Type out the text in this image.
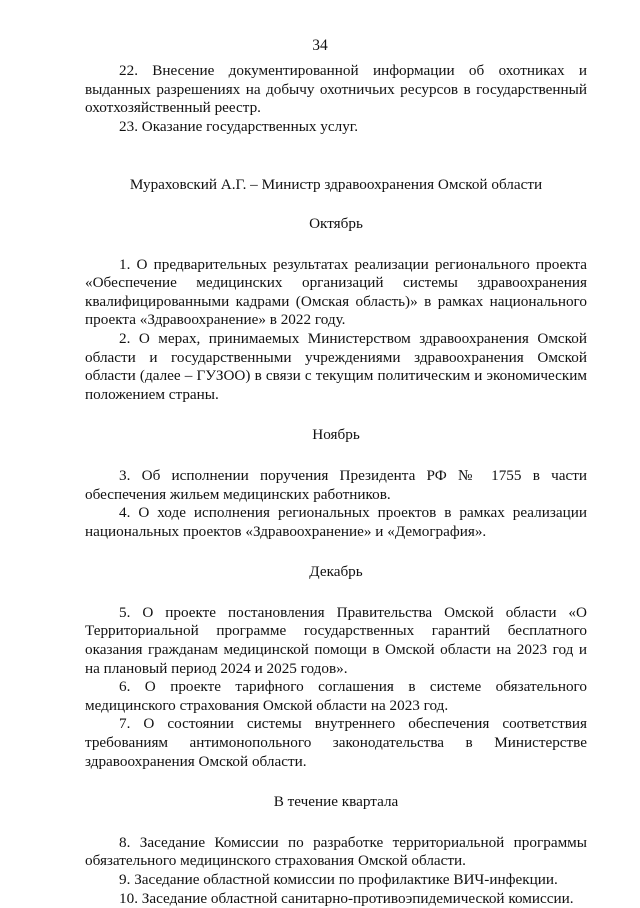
34

22. Внесение документированной информации об охотниках и выданных разрешениях на добычу охотничьих ресурсов в государственный охотхозяйственный реестр.

23. Оказание государственных услуг.

Мураховский А.Г. – Министр здравоохранения Омской области

Октябрь

1. О предварительных результатах реализации регионального проекта «Обеспечение медицинских организаций системы здравоохранения квалифицированными кадрами (Омская область)» в рамках национального проекта «Здравоохранение» в 2022 году.

2. О мерах, принимаемых Министерством здравоохранения Омской области и государственными учреждениями здравоохранения Омской области (далее – ГУЗОО) в связи с текущим политическим и экономическим положением страны.

Ноябрь

3. Об исполнении поручения Президента РФ № 1755 в части обеспечения жильем медицинских работников.

4. О ходе исполнения региональных проектов в рамках реализации национальных проектов «Здравоохранение» и «Демография».

Декабрь

5. О проекте постановления Правительства Омской области «О Территориальной программе государственных гарантий бесплатного оказания гражданам медицинской помощи в Омской области на 2023 год и на плановый период 2024 и 2025 годов».

6. О проекте тарифного соглашения в системе обязательного медицинского страхования Омской области на 2023 год.

7. О состоянии системы внутреннего обеспечения соответствия требованиям антимонопольного законодательства в Министерстве здравоохранения Омской области.

В течение квартала

8. Заседание Комиссии по разработке территориальной программы обязательного медицинского страхования Омской области.

9. Заседание областной комиссии по профилактике ВИЧ-инфекции.

10. Заседание областной санитарно-противоэпидемической комиссии.
